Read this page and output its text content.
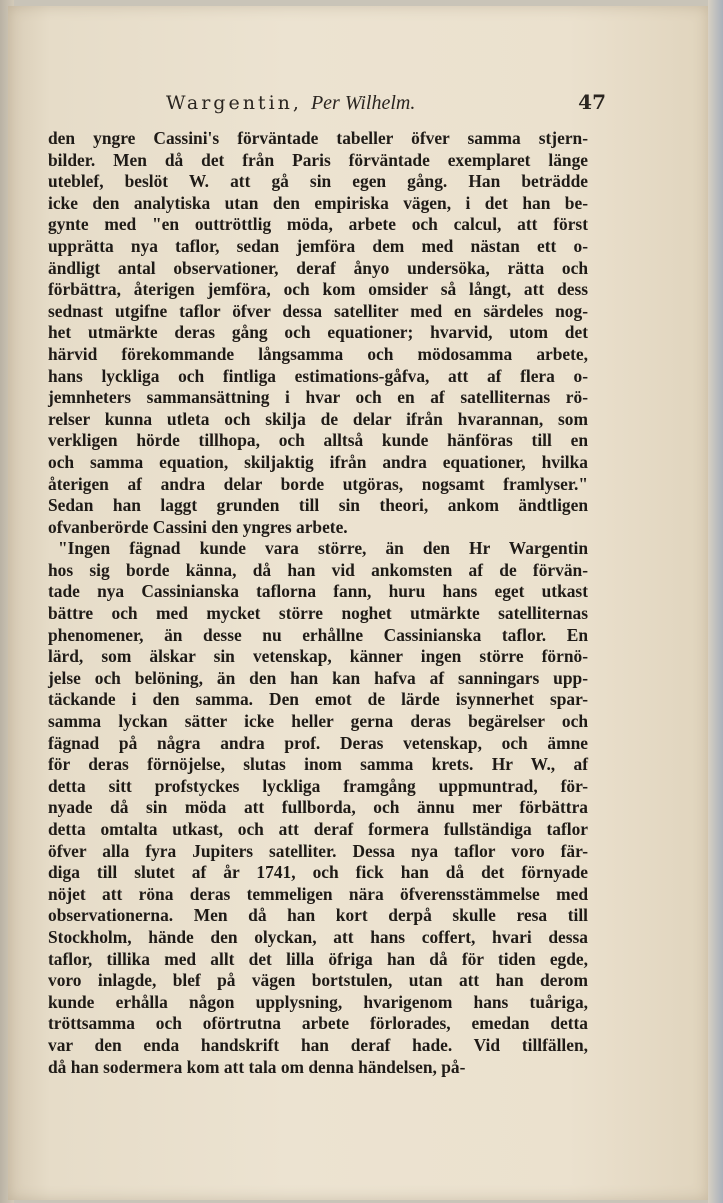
Wargentin , Per Wilhelm.	47
den yngre Cassini's förväntade tabeller öfver samma stjern-
bilder. Men då det från Paris förväntade exemplaret länge
uteblef, beslöt W. att gå sin egen gång. Han beträdde
icke den analytiska utan den empiriska vägen, i det han be-
gynte med "en outtröttlig möda, arbete och calcul, att först
upprätta nya taflor, sedan jemföra dem med nästan ett o-
ändligt antal observationer, deraf ånyo undersöka, rätta och
förbättra, återigen jemföra, och kom omsider så långt, att dess
sednast utgifne taflor öfver dessa satelliter med en särdeles nog-
het utmärkte deras gång och equationer; hvarvid, utom det
härvid förekommande långsamma och mödosamma arbete,
hans lyckliga och fintliga estimations-gåfva, att af flera o-
jemnheters sammansättning i hvar och en af satelliternas rö-
relser kunna utleta och skilja de delar ifrån hvarannan, som
verkligen hörde tillhopa, och alltså kunde hänföras till en
och samma equation, skiljaktig ifrån andra equationer, hvilka
återigen af andra delar borde utgöras, nogsamt framlyser."
Sedan han laggt grunden till sin theori, ankom ändtligen
ofvanberörde Cassini den yngres arbete.
"Ingen fägnad kunde vara större, än den Hr Wargentin
hos sig borde känna, då han vid ankomsten af de förvän-
tade nya Cassinianska taflorna fann, huru hans eget utkast
bättre och med mycket större noghet utmärkte satelliternas
phenomener, än desse nu erhållne Cassinianska taflor. En
lärd, som älskar sin vetenskap, känner ingen större förnö-
jelse och belöning, än den han kan hafva af sanningars upp-
täckande i den samma. Den emot de lärde isynnerhet spar-
samma lyckan sätter icke heller gerna deras begärelser och
fägnad på några andra prof. Deras vetenskap, och ämne
för deras förnöjelse, slutas inom samma krets. Hr W., af
detta sitt profstyckes lyckliga framgång uppmuntrad, för-
nyade då sin möda att fullborda, och ännu mer förbättra
detta omtalta utkast, och att deraf formera fullständiga taflor
öfver alla fyra Jupiters satelliter. Dessa nya taflor voro fär-
diga till slutet af år 1741, och fick han då det förnyade
nöjet att röna deras temmeligen nära öfverensstämmelse med
observationerna. Men då han kort derpå skulle resa till
Stockholm, hände den olyckan, att hans coffert, hvari dessa
taflor, tillika med allt det lilla öfriga han då för tiden egde,
voro inlagde, blef på vägen bortstulen, utan att han derom
kunde erhålla någon upplysning, hvarigenom hans tuåriga,
tröttsamma och oförtrutna arbete förlorades, emedan detta
var den enda handskrift han deraf hade. Vid tillfällen,
då han sodermera kom att tala om denna händelsen, på-
